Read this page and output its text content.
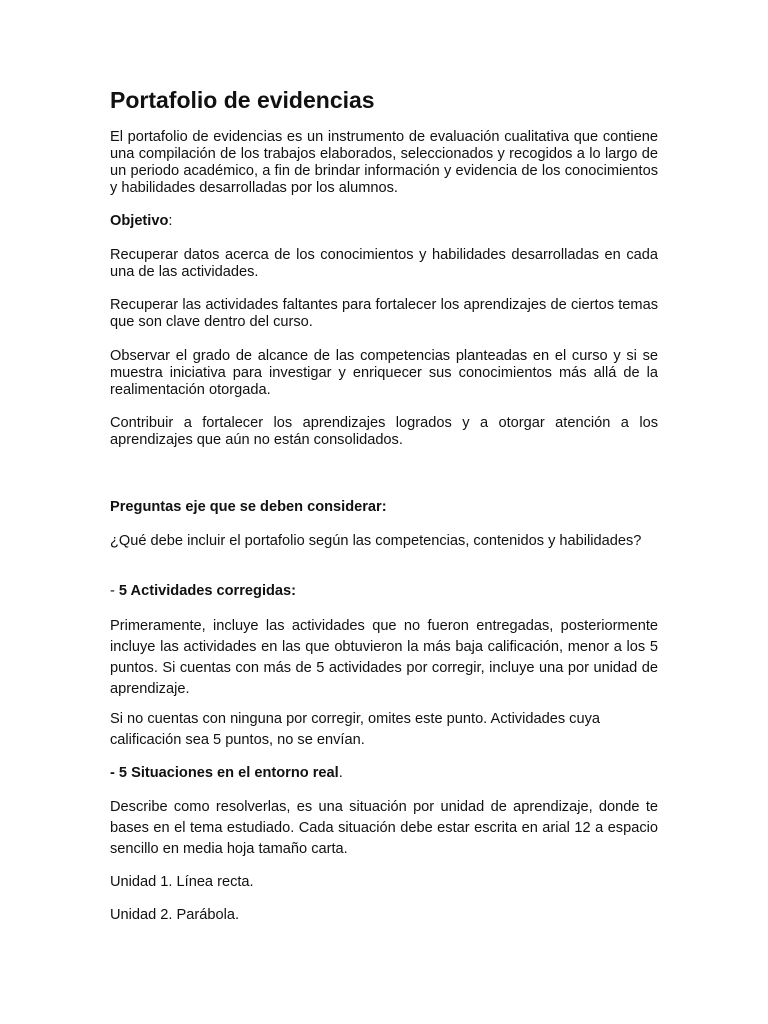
Portafolio de evidencias
El portafolio de evidencias es un instrumento de evaluación cualitativa que contiene una compilación de los trabajos elaborados, seleccionados y recogidos a lo largo de un periodo académico, a fin de brindar información y evidencia de los conocimientos y habilidades desarrolladas por los alumnos.
Objetivo:
Recuperar datos acerca de los conocimientos y habilidades desarrolladas en cada una de las actividades.
Recuperar las actividades faltantes para fortalecer los aprendizajes de ciertos temas que son clave dentro del curso.
Observar el grado de alcance de las competencias planteadas en el curso y si se muestra iniciativa para investigar y enriquecer sus conocimientos más allá de la realimentación otorgada.
Contribuir a fortalecer los aprendizajes logrados y a otorgar atención a los aprendizajes que aún no están consolidados.
Preguntas eje que se deben considerar:
¿Qué debe incluir el portafolio según las competencias, contenidos y habilidades?
- 5 Actividades corregidas:
Primeramente, incluye las actividades que no fueron entregadas, posteriormente incluye las actividades en las que obtuvieron la más baja calificación, menor a los 5 puntos. Si cuentas con más de 5 actividades por corregir, incluye una por unidad de aprendizaje.
Si no cuentas con ninguna por corregir, omites este punto. Actividades cuya calificación sea 5 puntos, no se envían.
- 5 Situaciones en el entorno real.
Describe como resolverlas, es una situación por unidad de aprendizaje, donde te bases en el tema estudiado. Cada situación debe estar escrita en arial 12 a espacio sencillo en media hoja tamaño carta.
Unidad 1. Línea recta.
Unidad 2. Parábola.
